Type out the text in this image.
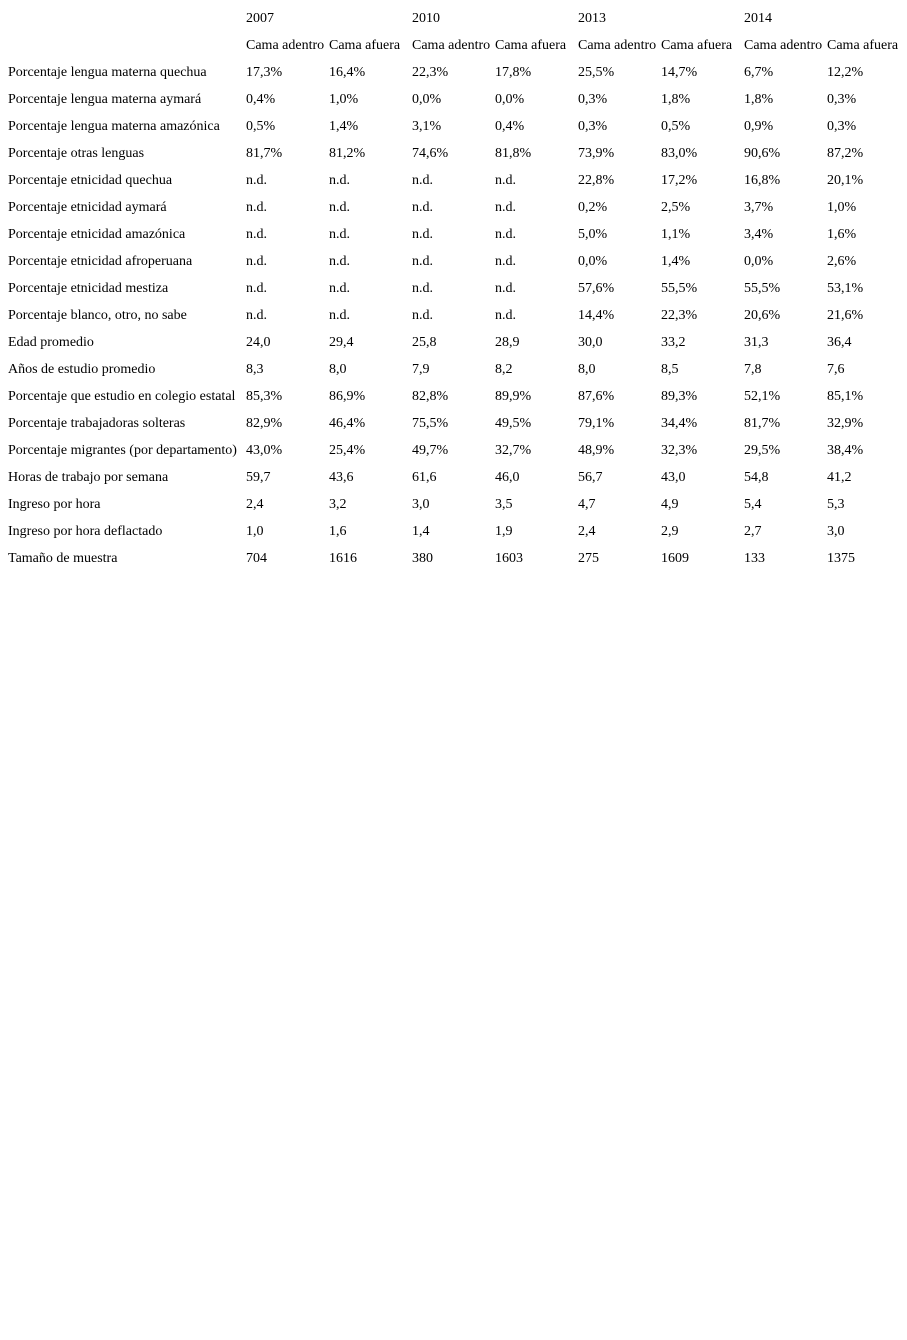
	2007		2010		2013		2014	
	Cama adentro	Cama afuera	Cama adentro	Cama afuera	Cama adentro	Cama afuera	Cama adentro	Cama afuera
Porcentaje lengua materna quechua	17,3%	16,4%	22,3%	17,8%	25,5%	14,7%	6,7%	12,2%
Porcentaje lengua materna aymará	0,4%	1,0%	0,0%	0,0%	0,3%	1,8%	1,8%	0,3%
Porcentaje lengua materna amazónica	0,5%	1,4%	3,1%	0,4%	0,3%	0,5%	0,9%	0,3%
Porcentaje otras lenguas	81,7%	81,2%	74,6%	81,8%	73,9%	83,0%	90,6%	87,2%
Porcentaje etnicidad quechua	n.d.	n.d.	n.d.	n.d.	22,8%	17,2%	16,8%	20,1%
Porcentaje etnicidad aymará	n.d.	n.d.	n.d.	n.d.	0,2%	2,5%	3,7%	1,0%
Porcentaje etnicidad amazónica	n.d.	n.d.	n.d.	n.d.	5,0%	1,1%	3,4%	1,6%
Porcentaje etnicidad afroperuana	n.d.	n.d.	n.d.	n.d.	0,0%	1,4%	0,0%	2,6%
Porcentaje etnicidad mestiza	n.d.	n.d.	n.d.	n.d.	57,6%	55,5%	55,5%	53,1%
Porcentaje blanco, otro, no sabe	n.d.	n.d.	n.d.	n.d.	14,4%	22,3%	20,6%	21,6%
Edad promedio	24,0	29,4	25,8	28,9	30,0	33,2	31,3	36,4
Años de estudio promedio	8,3	8,0	7,9	8,2	8,0	8,5	7,8	7,6
Porcentaje que estudio en colegio estatal	85,3%	86,9%	82,8%	89,9%	87,6%	89,3%	52,1%	85,1%
Porcentaje trabajadoras solteras	82,9%	46,4%	75,5%	49,5%	79,1%	34,4%	81,7%	32,9%
Porcentaje migrantes (por departamento)	43,0%	25,4%	49,7%	32,7%	48,9%	32,3%	29,5%	38,4%
Horas de trabajo por semana	59,7	43,6	61,6	46,0	56,7	43,0	54,8	41,2
Ingreso por hora	2,4	3,2	3,0	3,5	4,7	4,9	5,4	5,3
Ingreso por hora deflactado	1,0	1,6	1,4	1,9	2,4	2,9	2,7	3,0
Tamaño de muestra	704	1616	380	1603	275	1609	133	1375
